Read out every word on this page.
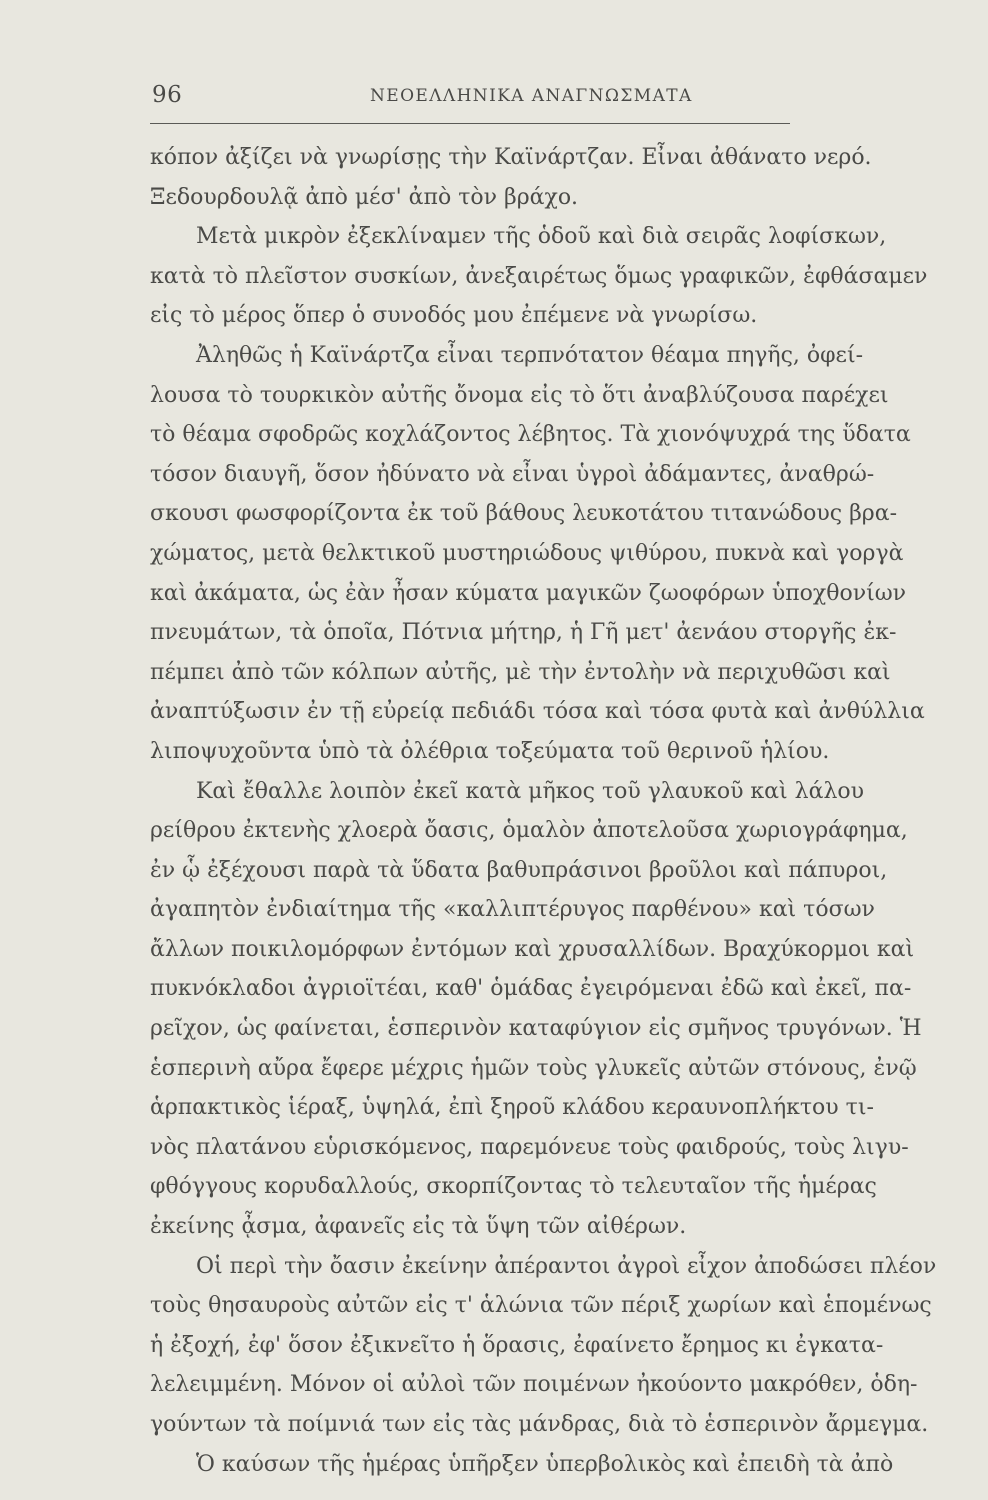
96	ΝΕΟΕΛΛΗΝΙΚΑ ΑΝΑΓΝΩΣΜΑΤΑ
κόπον ἀξίζει νὰ γνωρίσῃς τὴν Καϊνάρτζαν. Εἶναι ἀθάνατο νερό.
Ξεδουρδουλᾷ ἀπὸ μέσ' ἀπὸ τὸν βράχο.
Μετὰ μικρὸν ἐξεκλίναμεν τῆς ὁδοῦ καὶ διὰ σειρᾶς λοφίσκων,
κατὰ τὸ πλεῖστον συσκίων, ἀνεξαιρέτως ὅμως γραφικῶν, ἐφθάσαμεν
εἰς τὸ μέρος ὅπερ ὁ συνοδός μου ἐπέμενε νὰ γνωρίσω.
Ἀληθῶς ἡ Καϊνάρτζα εἶναι τερπνότατον θέαμα πηγῆς, ὀφεί-
λουσα τὸ τουρκικὸν αὐτῆς ὄνομα εἰς τὸ ὅτι ἀναβλύζουσα παρέχει
τὸ θέαμα σφοδρῶς κοχλάζοντος λέβητος. Τὰ χιονόψυχρά της ὕδατα
τόσον διαυγῆ, ὅσον ἠδύνατο νὰ εἶναι ὑγροὶ ἀδάμαντες, ἀναθρώ-
σκουσι φωσφορίζοντα ἐκ τοῦ βάθους λευκοτάτου τιτανώδους βρα-
χώματος, μετὰ θελκτικοῦ μυστηριώδους ψιθύρου, πυκνὰ καὶ γοργὰ
καὶ ἀκάματα, ὡς ἐὰν ἦσαν κύματα μαγικῶν ζωοφόρων ὑποχθονίων
πνευμάτων, τὰ ὁποῖα, Πότνια μήτηρ, ἡ Γῆ μετ' ἀενάου στοργῆς ἐκ-
πέμπει ἀπὸ τῶν κόλπων αὐτῆς, μὲ τὴν ἐντολὴν νὰ περιχυθῶσι καὶ
ἀναπτύξωσιν ἐν τῇ εὐρείᾳ πεδιάδι τόσα καὶ τόσα φυτὰ καὶ ἀνθύλλια
λιποψυχοῦντα ὑπὸ τὰ ὀλέθρια τοξεύματα τοῦ θερινοῦ ἡλίου.
Καὶ ἔθαλλε λοιπὸν ἐκεῖ κατὰ μῆκος τοῦ γλαυκοῦ καὶ λάλου
ρείθρου ἐκτενὴς χλοερὰ ὄασις, ὁμαλὸν ἀποτελοῦσα χωριογράφημα,
ἐν ᾧ ἐξέχουσι παρὰ τὰ ὕδατα βαθυπράσινοι βροῦλοι καὶ πάπυροι,
ἀγαπητὸν ἐνδιαίτημα τῆς «καλλιπτέρυγος παρθένου» καὶ τόσων
ἄλλων ποικιλομόρφων ἐντόμων καὶ χρυσαλλίδων. Βραχύκορμοι καὶ
πυκνόκλαδοι ἀγριοϊτέαι, καθ' ὁμάδας ἐγειρόμεναι ἐδῶ καὶ ἐκεῖ, πα-
ρεῖχον, ὡς φαίνεται, ἑσπερινὸν καταφύγιον εἰς σμῆνος τρυγόνων. Ἡ
ἑσπερινὴ αὔρα ἔφερε μέχρις ἡμῶν τοὺς γλυκεῖς αὐτῶν στόνους, ἐνῷ
ἁρπακτικὸς ἱέραξ, ὑψηλά, ἐπὶ ξηροῦ κλάδου κεραυνοπλήκτου τι-
νὸς πλατάνου εὑρισκόμενος, παρεμόνευε τοὺς φαιδρούς, τοὺς λιγυ-
φθόγγους κορυδαλλούς, σκορπίζοντας τὸ τελευταῖον τῆς ἡμέρας
ἐκείνης ᾆσμα, ἀφανεῖς εἰς τὰ ὕψη τῶν αἰθέρων.
Οἱ περὶ τὴν ὄασιν ἐκείνην ἀπέραντοι ἀγροὶ εἶχον ἀποδώσει πλέον
τοὺς θησαυροὺς αὐτῶν εἰς τ' ἁλώνια τῶν πέριξ χωρίων καὶ ἑπομένως
ἡ ἐξοχή, ἐφ' ὅσον ἐξικνεῖτο ἡ ὅρασις, ἐφαίνετο ἔρημος κι ἐγκατα-
λελειμμένη. Μόνον οἱ αὐλοὶ τῶν ποιμένων ἠκούοντο μακρόθεν, ὁδη-
γούντων τὰ ποίμνιά των εἰς τὰς μάνδρας, διὰ τὸ ἑσπερινὸν ἄρμεγμα.
Ὁ καύσων τῆς ἡμέρας ὑπῆρξεν ὑπερβολικὸς καὶ ἐπειδὴ τὰ ἀπὸ
